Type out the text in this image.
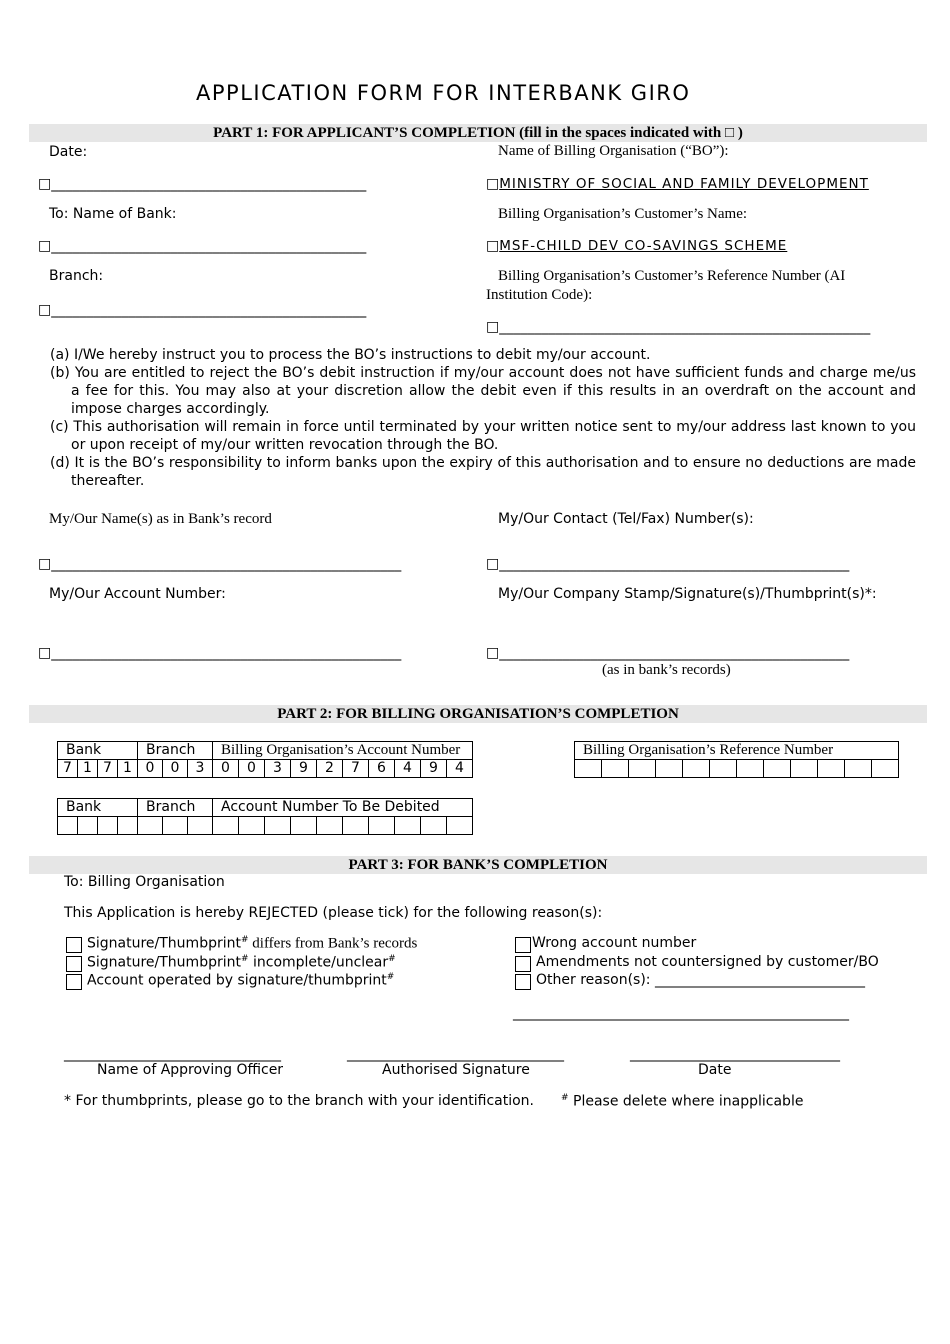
APPLICATION FORM FOR INTERBANK GIRO
PART 1: FOR APPLICANT’S COMPLETION (fill in the spaces indicated with □ )
Date:
□_____________________________________________
To: Name of Bank:
□_____________________________________________
Branch:
□_____________________________________________
Name of Billing Organisation (“BO”):
□MINISTRY OF SOCIAL AND FAMILY DEVELOPMENT
Billing Organisation’s Customer’s Name:
□MSF-CHILD DEV CO-SAVINGS SCHEME
Billing Organisation’s Customer’s Reference Number (AI
Institution Code):
□_____________________________________________________
(a) I/We hereby instruct you to process the BO’s instructions to debit my/our account.
(b) You are entitled to reject the BO’s debit instruction if my/our account does not have sufficient funds and charge me/us a fee for this. You may also at your discretion allow the debit even if this results in an overdraft on the account and impose charges accordingly.
(c) This authorisation will remain in force until terminated by your written notice sent to my/our address last known to you or upon receipt of my/our written revocation through the BO.
(d) It is the BO’s responsibility to inform banks upon the expiry of this authorisation and to ensure no deductions are made thereafter.
My/Our Name(s) as in Bank’s record
□__________________________________________________
My/Our Contact (Tel/Fax) Number(s):
□__________________________________________________
My/Our Account Number:
□__________________________________________________
My/Our Company Stamp/Signature(s)/Thumbprint(s)*:
□__________________________________________________
(as in bank’s records)
PART 2: FOR BILLING ORGANISATION’S COMPLETION
Bank				Branch			Billing Organisation’s Account Number									
7	1	7	1	0	0	3	0	0	3	9	2	7	6	4	9	4
Billing Organisation’s Reference Number

Bank				Branch			Account Number To Be Debited									

PART 3: FOR BANK’S COMPLETION
To: Billing Organisation
This Application is hereby REJECTED (please tick) for the following reason(s):
Signature/Thumbprint# differs from Bank’s records
Signature/Thumbprint# incomplete/unclear#
Account operated by signature/thumbprint#
Wrong account number
Amendments not countersigned by customer/BO
Other reason(s): ______________________________
________________________________________________
_______________________________	_______________________________	______________________________
Name of Approving Officer	Authorised Signature	Date
* For thumbprints, please go to the branch with your identification.	# Please delete where inapplicable
